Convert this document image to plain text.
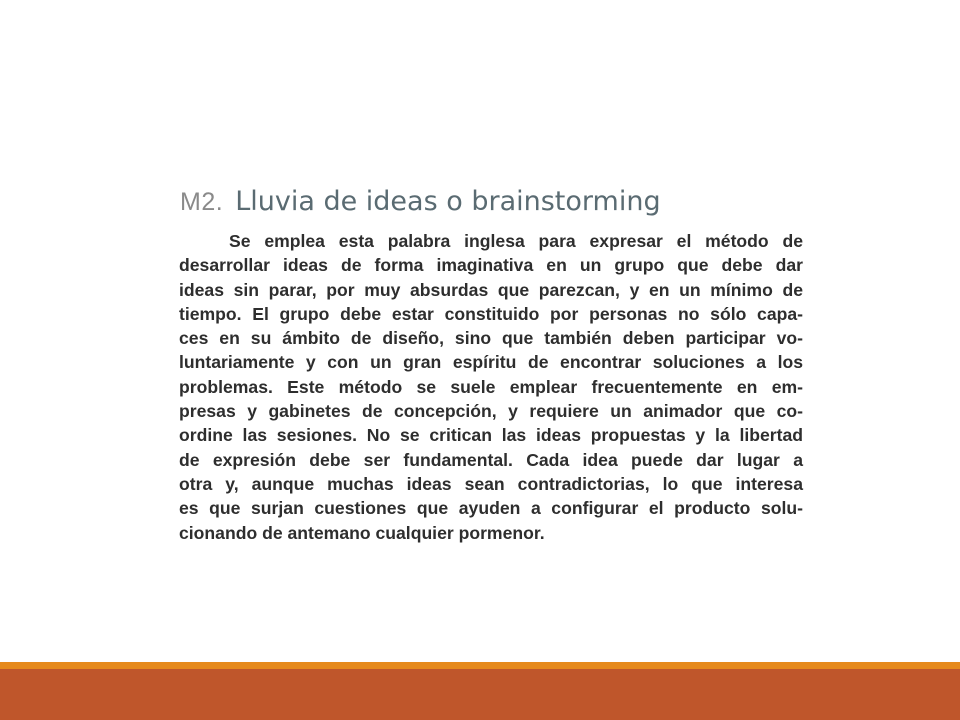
M2. Lluvia de ideas o brainstorming
Se emplea esta palabra inglesa para expresar el método de
desarrollar ideas de forma imaginativa en un grupo que debe dar
ideas sin parar, por muy absurdas que parezcan, y en un mínimo de
tiempo. El grupo debe estar constituido por personas no sólo capa-
ces en su ámbito de diseño, sino que también deben participar vo-
luntariamente y con un gran espíritu de encontrar soluciones a los
problemas. Este método se suele emplear frecuentemente en em-
presas y gabinetes de concepción, y requiere un animador que co-
ordine las sesiones. No se critican las ideas propuestas y la libertad
de expresión debe ser fundamental. Cada idea puede dar lugar a
otra y, aunque muchas ideas sean contradictorias, lo que interesa
es que surjan cuestiones que ayuden a configurar el producto solu-
cionando de antemano cualquier pormenor.
